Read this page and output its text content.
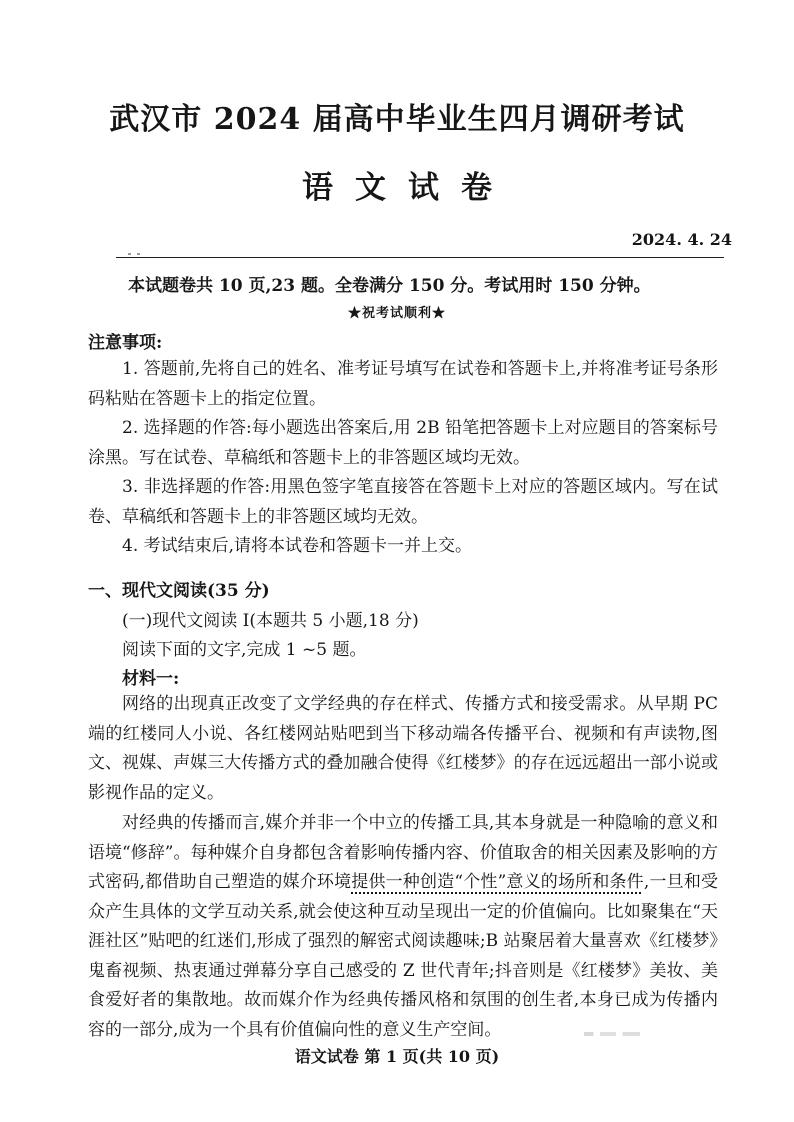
武汉市 2024 届高中毕业生四月调研考试
语文试卷
2024. 4. 24
本试题卷共 10 页,23 题。全卷满分 150 分。考试用时 150 分钟。
★祝考试顺利★
注意事项:

1. 答题前,先将自己的姓名、准考证号填写在试卷和答题卡上,并将准考证号条形码粘贴在答题卡上的指定位置。

2. 选择题的作答:每小题选出答案后,用 2B 铅笔把答题卡上对应题目的答案标号涂黑。写在试卷、草稿纸和答题卡上的非答题区域均无效。

3. 非选择题的作答:用黑色签字笔直接答在答题卡上对应的答题区域内。写在试卷、草稿纸和答题卡上的非答题区域均无效。

4. 考试结束后,请将本试卷和答题卡一并上交。

一、现代文阅读(35 分)
(一)现代文阅读 I(本题共 5 小题,18 分)
阅读下面的文字,完成 1 ~5 题。
材料一:

网络的出现真正改变了文学经典的存在样式、传播方式和接受需求。从早期 PC 端的红楼同人小说、各红楼网站贴吧到当下移动端各传播平台、视频和有声读物,图文、视媒、声媒三大传播方式的叠加融合使得《红楼梦》的存在远远超出一部小说或影视作品的定义。

对经典的传播而言,媒介并非一个中立的传播工具,其本身就是一种隐喻的意义和语境“修辞”。每种媒介自身都包含着影响传播内容、价值取舍的相关因素及影响的方式密码,都借助自己塑造的媒介环境提供一种创造“个性”意义的场所和条件,一旦和受众产生具体的文学互动关系,就会使这种互动呈现出一定的价值偏向。比如聚集在“天涯社区”贴吧的红迷们,形成了强烈的解密式阅读趣味;B 站聚居着大量喜欢《红楼梦》鬼畜视频、热衷通过弹幕分享自己感受的 Z 世代青年;抖音则是《红楼梦》美妆、美食爱好者的集散地。故而媒介作为经典传播风格和氛围的创生者,本身已成为传播内容的一部分,成为一个具有价值偏向性的意义生产空间。

语文试卷 第 1 页(共 10 页)
